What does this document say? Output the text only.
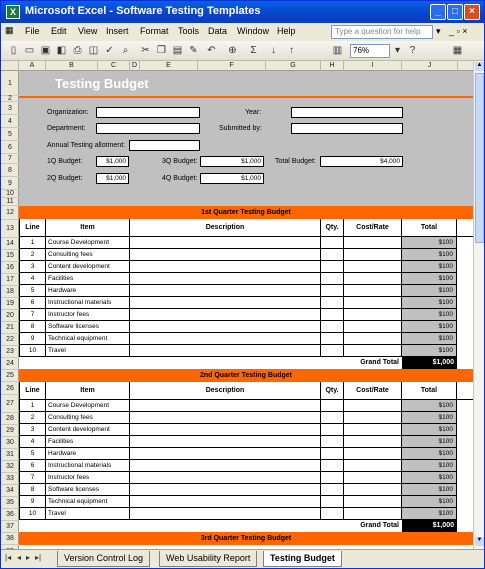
X Microsoft Excel - Software Testing Templates	_	□	×
▦ File Edit View Insert Format Tools Data Window Help	Type a question for help	▾ _ ▫ ×
▯ ▭ ▣ ◧ ⎙ ◫ ✓ ⌕	✂ ❐ ▤ ✎ ↶ ⊕	Σ	↓	↑	▥	76%	▾ ?	▦
A	B	C	D	E	F	G	H	I	J
1
2
3
4
5
6
7
8
9
10
11
12
13
14
15
16
17
18
19
20
21
22
23
24
25
26
27
28
29
30
31
32
33
34
35
36
37
38
Testing Budget
Organization:
Department:
Annual Testing allotment:
Year:
Submitted by:
1Q Budget:	$1,000
2Q Budget:	$1,000
3Q Budget:	$1,000
4Q Budget:	$1,000
Total Budget:	$4,000
1st Quarter Testing Budget
Line	Item	Description	Qty.	Cost/Rate	Total
1	Course Development	$100
2	Consulting fees	$100
3	Content development	$100
4	Facilities	$100
5	Hardware	$100
6	Instructional materials	$100
7	Instructor fees	$100
8	Software licenses	$100
9	Technical equipment	$100
10	Travel	$100
Grand Total	$1,000
2nd Quarter Testing Budget
Line	Item	Description	Qty.	Cost/Rate	Total
1	Course Development	$100
2	Consulting fees	$100
3	Content development	$100
4	Facilities	$100
5	Hardware	$100
6	Instructional materials	$100
7	Instructor fees	$100
8	Software licenses	$100
9	Technical equipment	$100
10	Travel	$100
Grand Total	$1,000
3rd Quarter Testing Budget
▲
▼
|◂ ◂ ▸ ▸|	Version Control Log	Web Usability Report	Testing Budget
